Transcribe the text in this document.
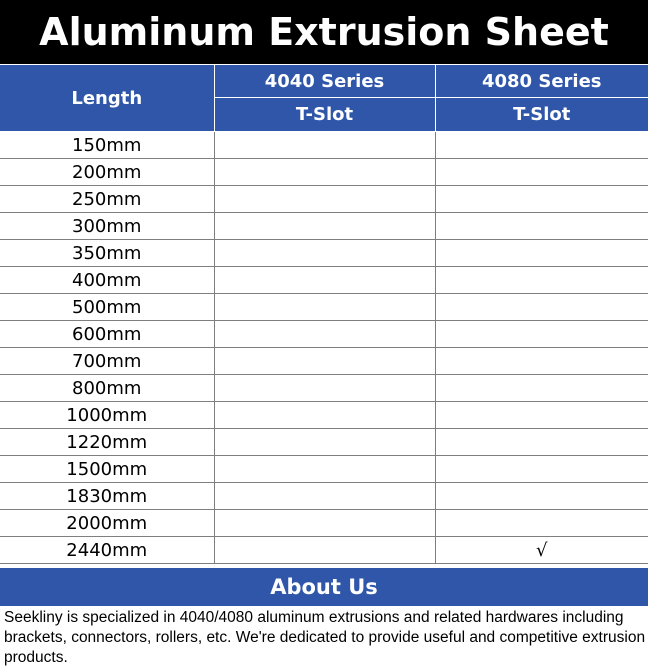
Aluminum Extrusion Sheet
Length	4040 Series	4080 Series
	T-Slot	T-Slot
150mm		
200mm		
250mm		
300mm		
350mm		
400mm		
500mm		
600mm		
700mm		
800mm		
1000mm		
1220mm		
1500mm		
1830mm		
2000mm		
2440mm		√
About Us
Seekliny is specialized in 4040/4080 aluminum extrusions and related hardwares including brackets, connectors, rollers, etc. We're dedicated to provide useful and competitive extrusion products.
